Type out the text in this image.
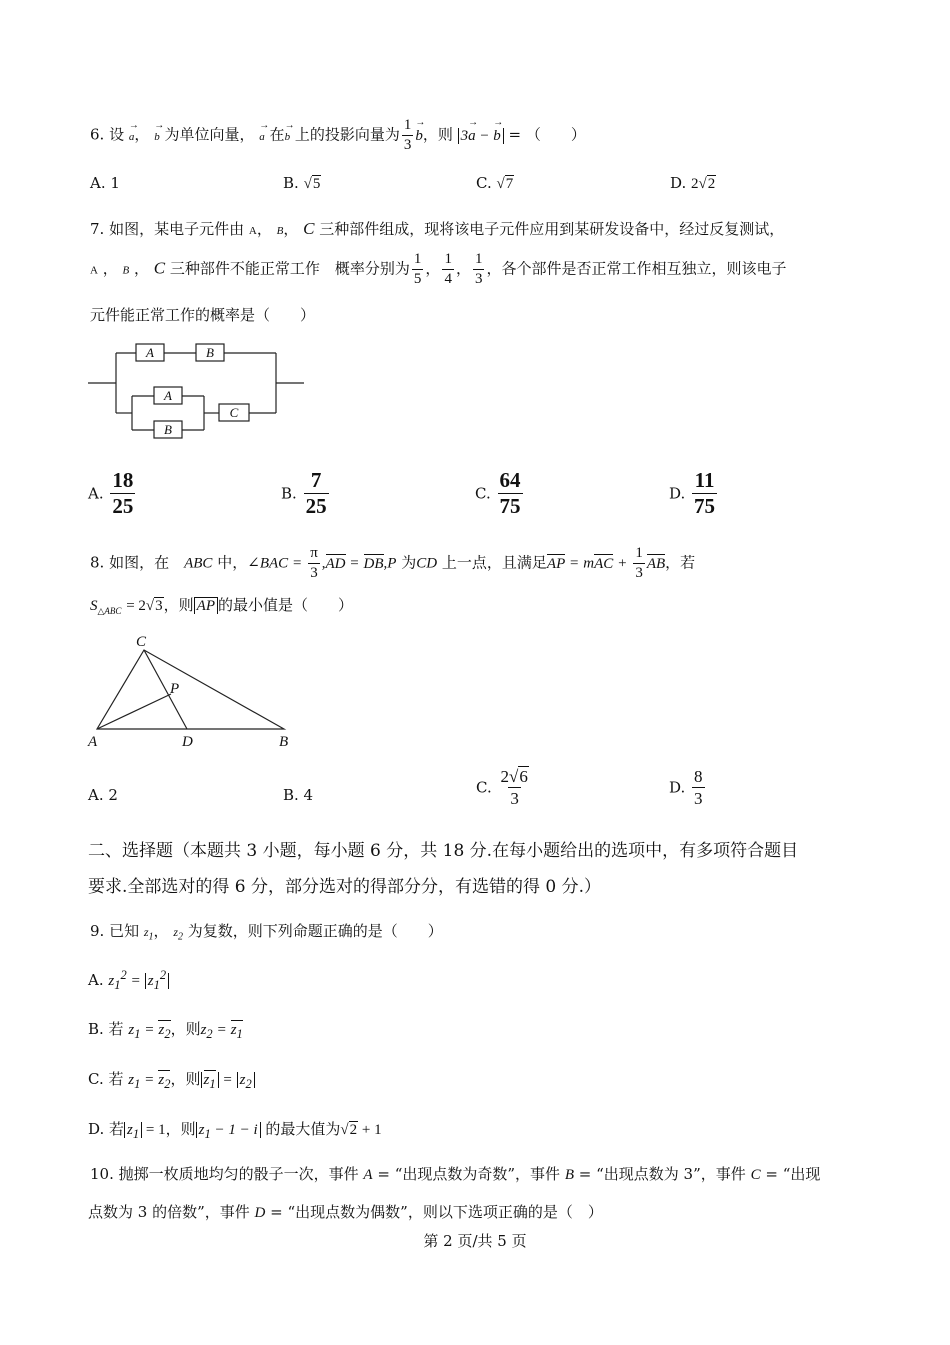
6. 设 → a， → b 为单位向量， → a 在→ b 上的投影向量为 $\frac{1}{3} \to b$，则 3→ a − → b = （　　）
A. 1	B. √5	C. √7	D. 2√2
7. 如图，某电子元件由 A， B， C 三种部件组成，现将该电子元件应用到某研发设备中，经过反复测试，
A ， B ， C 三种部件不能正常工作　概率分别为 $\frac{1}{5}$ ， $\frac{1}{4}$ ， $\frac{1}{3}$ ，各个部件是否正常工作相互独立，则该电子
元件能正常工作的概率是（　　）
A	B
A
B
C
A. $\frac{18}{25}$	B. $\frac{7}{25}$	C. $\frac{64}{75}$	D. $\frac{11}{75}$
8. 如图，在　 ABC 中，∠BAC = $\frac{\pi}{3} ,AD = DB,P$ 为CD 上一点，且满足AP = mAC + $\frac{1}{3}$ AB，若
$S_{\triangle ABC} = 2√3$，则 AP 的最小值是（　　）
C
P
A	D	B
A. 2	B. 4	C. $\frac{2√6}{3}$	D. $\frac{8}{3}$
二、选择题（本题共 3 小题，每小题 6 分，共 18 分.在每小题给出的选项中，有多项符合题目
要求.全部选对的得 6 分，部分选对的得部分分，有选错的得 0 分.）
9. 已知 $z_1$， $z_2$ 为复数，则下列命题正确的是（　　）
A. $z_1^2 = z_1^2$
B. 若 $z_1 = z_2$，则$z_2 = z_1$
C. 若 $z_1 = z_2$，则 $z_1 = z_2$
D. 若 $z_1 = 1$，则 $z_1 - 1 - i$ 的最大值为√2 + 1
10. 抛掷一枚质地均匀的骰子一次，事件 A = “出现点数为奇数”，事件 B = “出现点数为 3”，事件 C = “出现
点数为 3 的倍数”，事件 D = “出现点数为偶数”，则以下选项正确的是（　）
第 2 页/共 5 页
